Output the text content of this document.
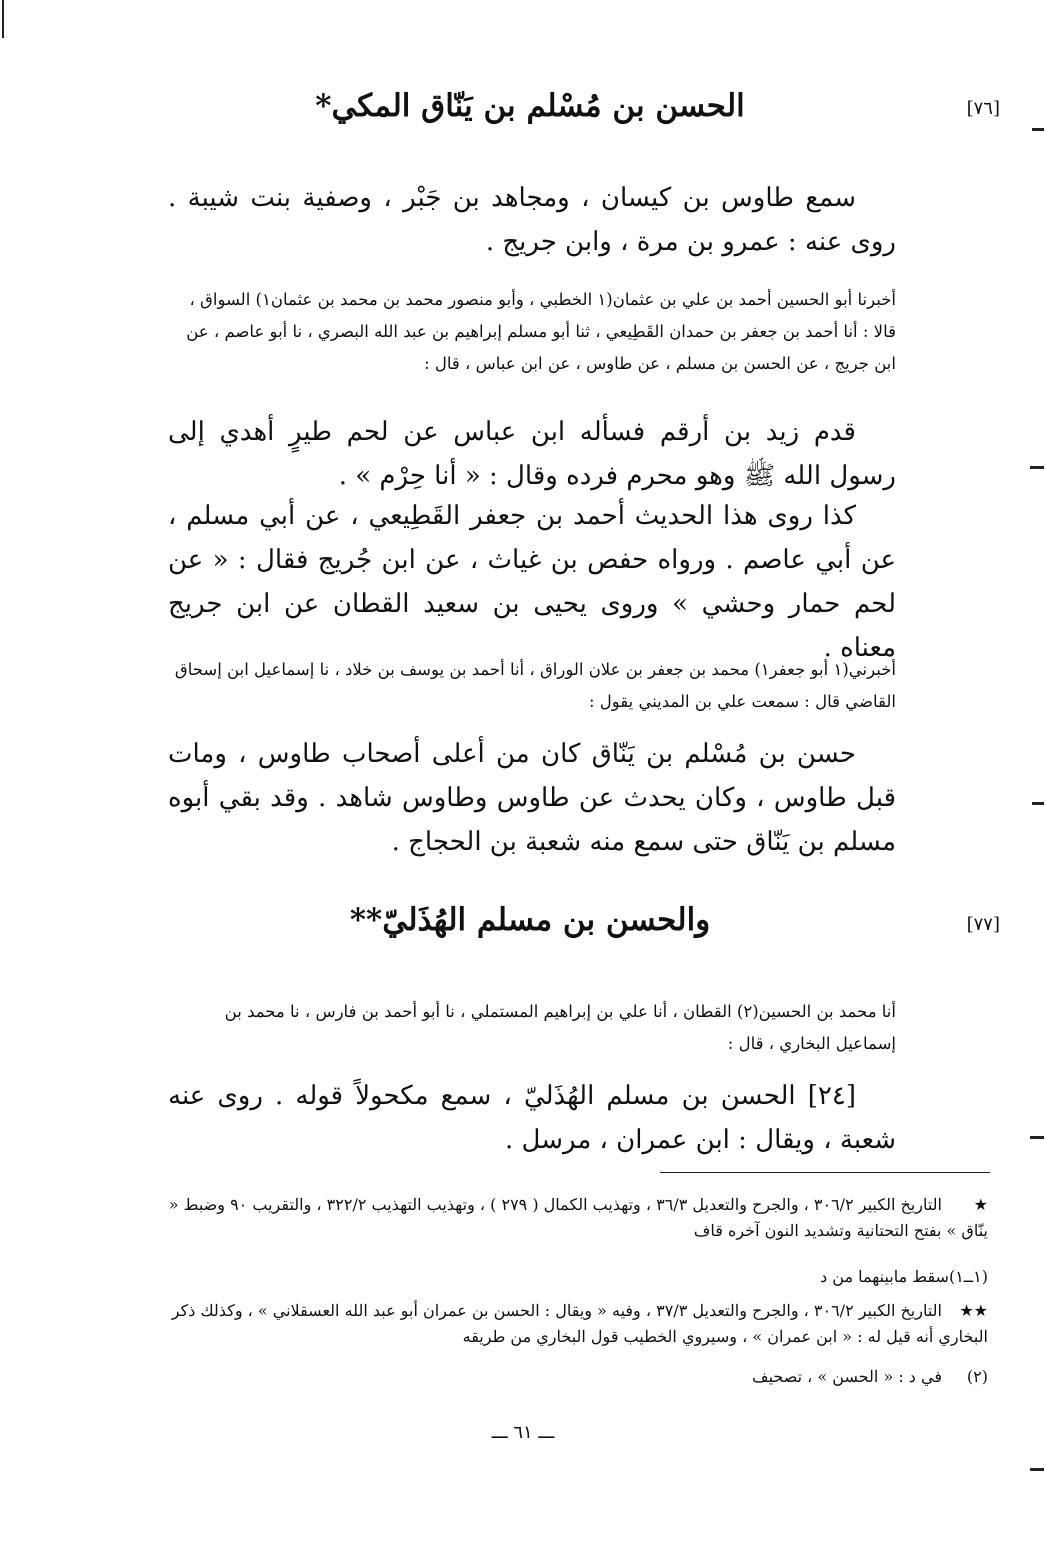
[٧٦]
الحسن بن مُسْلم بن يَنّاق المكي*

سمع طاوس بن كيسان ، ومجاهد بن جَبْر ، وصفية بنت شيبة . روى عنه : عمرو بن مرة ، وابن جريج .

أخبرنا أبو الحسين أحمد بن علي بن عثمان(١ الخطبي ، وأبو منصور محمد بن محمد بن عثمان١) السواق ، قالا : أنا أحمد بن جعفر بن حمدان القَطِيعي ، ثنا أبو مسلم إبراهيم بن عبد الله البصري ، نا أبو عاصم ، عن ابن جريج ، عن الحسن بن مسلم ، عن طاوس ، عن ابن عباس ، قال :

قدم زيد بن أرقم فسأله ابن عباس عن لحم طيرٍ أهدي إلى رسول الله ﷺ وهو محرم فرده وقال : « أنا حِرْم » .

كذا روى هذا الحديث أحمد بن جعفر القَطِيعي ، عن أبي مسلم ، عن أبي عاصم . ورواه حفص بن غياث ، عن ابن جُريج فقال : « عن لحم حمار وحشي » وروى يحيى بن سعيد القطان عن ابن جريج معناه .

أخبرني(١ أبو جعفر١) محمد بن جعفر بن علان الوراق ، أنا أحمد بن يوسف بن خلاد ، نا إسماعيل ابن إسحاق القاضي قال : سمعت علي بن المديني يقول :

حسن بن مُسْلم بن يَنّاق كان من أعلى أصحاب طاوس ، ومات قبل طاوس ، وكان يحدث عن طاوس وطاوس شاهد . وقد بقي أبوه مسلم بن يَنّاق حتى سمع منه شعبة بن الحجاج .

[٧٧]
والحسن بن مسلم الهُذَليّ**

أنا محمد بن الحسين(٢) القطان ، أنا علي بن إبراهيم المستملي ، نا أبو أحمد بن فارس ، نا محمد بن إسماعيل البخاري ، قال :

[٢٤] الحسن بن مسلم الهُذَليّ ، سمع مكحولاً قوله . روى عنه شعبة ، ويقال : ابن عمران ، مرسل .

★التاريخ الكبير ٣٠٦/٢ ، والجرح والتعديل ٣٦/٣ ، وتهذيب الكمال ( ٢٧٩ ) ، وتهذيب التهذيب ٣٢٢/٢ ، والتقريب ٩٠ وضبط « ينّاق » بفتح التحتانية وتشديد النون آخره قاف
(١ــ١)سقط مابينهما من د
★★التاريخ الكبير ٣٠٦/٢ ، والجرح والتعديل ٣٧/٣ ، وفيه « ويقال : الحسن بن عمران أبو عبد الله العسقلاني » ، وكذلك ذكر البخاري أنه قيل له : « ابن عمران » ، وسيروي الخطيب قول البخاري من طريقه
(٢)في د : « الحسن » ، تصحيف
ـــ ٦١ ـــ
